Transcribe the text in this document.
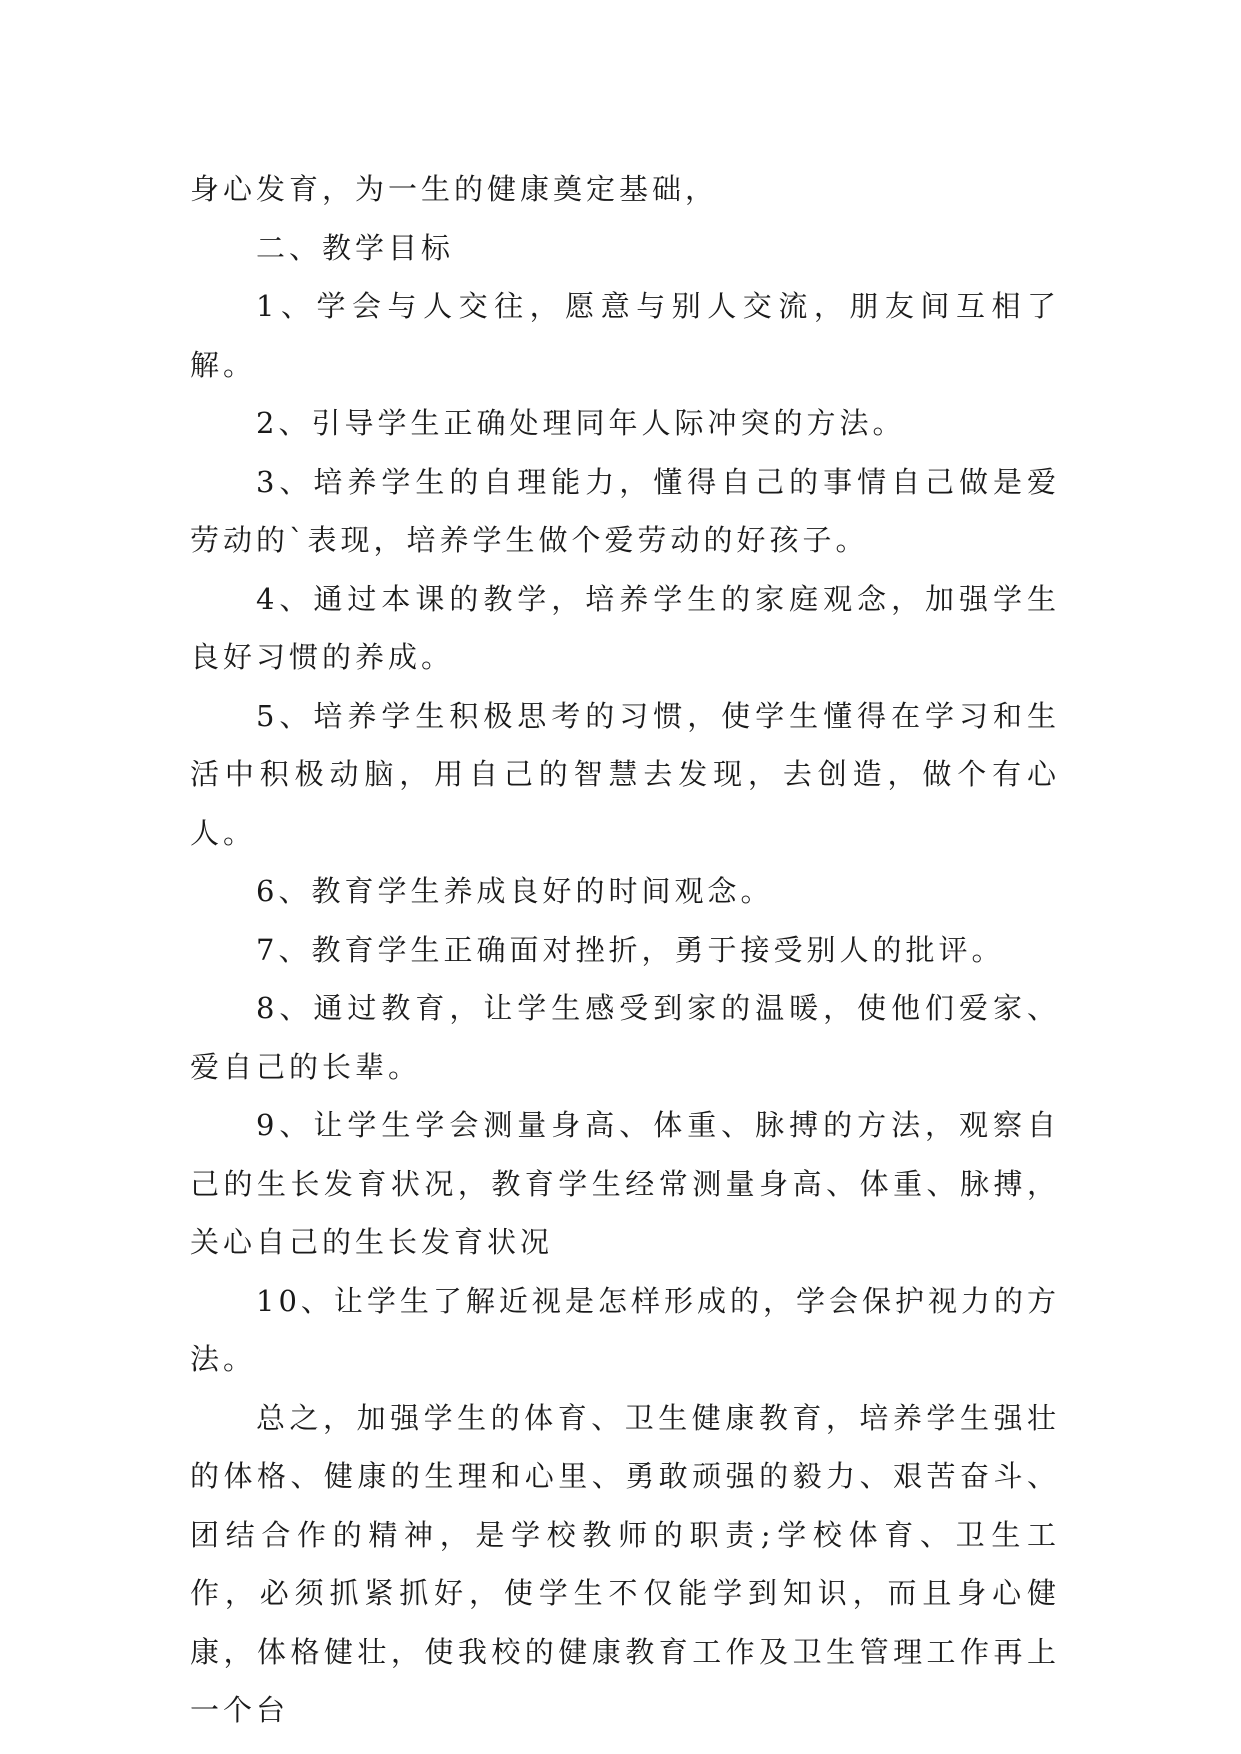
身心发育，为一生的健康奠定基础，

二、教学目标

1、学会与人交往，愿意与别人交流，朋友间互相了解。

2、引导学生正确处理同年人际冲突的方法。

3、培养学生的自理能力，懂得自己的事情自己做是爱劳动的`表现，培养学生做个爱劳动的好孩子。

4、通过本课的教学，培养学生的家庭观念，加强学生良好习惯的养成。

5、培养学生积极思考的习惯，使学生懂得在学习和生活中积极动脑，用自己的智慧去发现，去创造，做个有心人。

6、教育学生养成良好的时间观念。

7、教育学生正确面对挫折，勇于接受别人的批评。

8、通过教育，让学生感受到家的温暖，使他们爱家、爱自己的长辈。

9、让学生学会测量身高、体重、脉搏的方法，观察自己的生长发育状况，教育学生经常测量身高、体重、脉搏，关心自己的生长发育状况

10、让学生了解近视是怎样形成的，学会保护视力的方法。

总之，加强学生的体育、卫生健康教育，培养学生强壮的体格、健康的生理和心里、勇敢顽强的毅力、艰苦奋斗、团结合作的精神，是学校教师的职责;学校体育、卫生工作，必须抓紧抓好，使学生不仅能学到知识，而且身心健康，体格健壮，使我校的健康教育工作及卫生管理工作再上一个台
